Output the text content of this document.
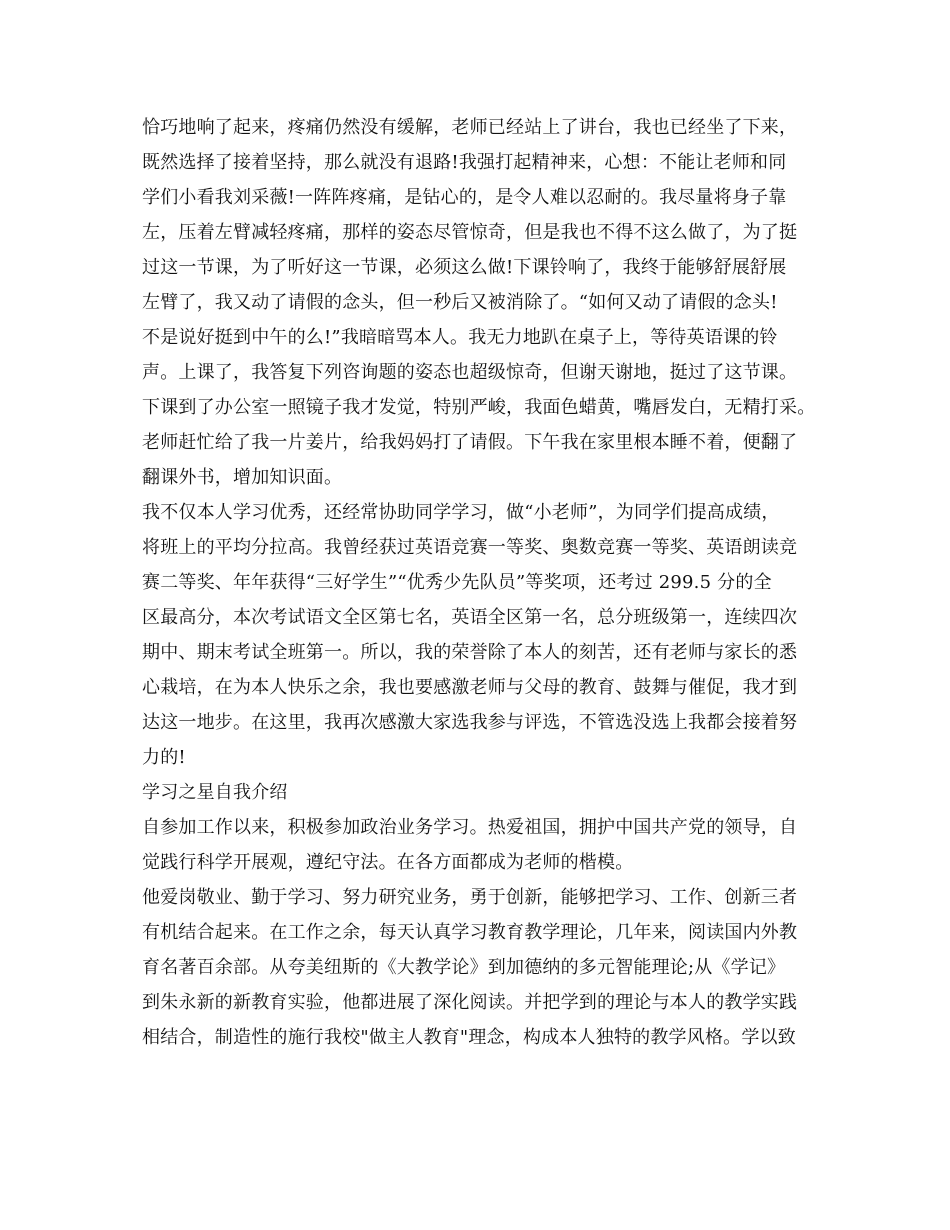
恰巧地响了起来，疼痛仍然没有缓解，老师已经站上了讲台，我也已经坐了下来，
既然选择了接着坚持，那么就没有退路!我强打起精神来，心想：不能让老师和同
学们小看我刘采薇!一阵阵疼痛，是钻心的，是令人难以忍耐的。我尽量将身子靠
左，压着左臂减轻疼痛，那样的姿态尽管惊奇，但是我也不得不这么做了，为了挺
过这一节课，为了听好这一节课，必须这么做!下课铃响了，我终于能够舒展舒展
左臂了，我又动了请假的念头，但一秒后又被消除了。“如何又动了请假的念头!
不是说好挺到中午的么!”我暗暗骂本人。我无力地趴在桌子上，等待英语课的铃
声。上课了，我答复下列咨询题的姿态也超级惊奇，但谢天谢地，挺过了这节课。
下课到了办公室一照镜子我才发觉，特别严峻，我面色蜡黄，嘴唇发白，无精打采。
老师赶忙给了我一片姜片，给我妈妈打了请假。下午我在家里根本睡不着，便翻了
翻课外书，增加知识面。
我不仅本人学习优秀，还经常协助同学学习，做“小老师”，为同学们提高成绩，
将班上的平均分拉高。我曾经获过英语竞赛一等奖、奥数竞赛一等奖、英语朗读竞
赛二等奖、年年获得“三好学生”“优秀少先队员”等奖项，还考过 299.5 分的全
区最高分，本次考试语文全区第七名，英语全区第一名，总分班级第一，连续四次
期中、期末考试全班第一。所以，我的荣誉除了本人的刻苦，还有老师与家长的悉
心栽培，在为本人快乐之余，我也要感激老师与父母的教育、鼓舞与催促，我才到
达这一地步。在这里，我再次感激大家选我参与评选，不管选没选上我都会接着努
力的!
学习之星自我介绍
自参加工作以来，积极参加政治业务学习。热爱祖国，拥护中国共产党的领导，自
觉践行科学开展观，遵纪守法。在各方面都成为老师的楷模。
他爱岗敬业、勤于学习、努力研究业务，勇于创新，能够把学习、工作、创新三者
有机结合起来。在工作之余，每天认真学习教育教学理论，几年来，阅读国内外教
育名著百余部。从夸美纽斯的《大教学论》到加德纳的多元智能理论;从《学记》
到朱永新的新教育实验，他都进展了深化阅读。并把学到的理论与本人的教学实践
相结合，制造性的施行我校"做主人教育"理念，构成本人独特的教学风格。学以致
